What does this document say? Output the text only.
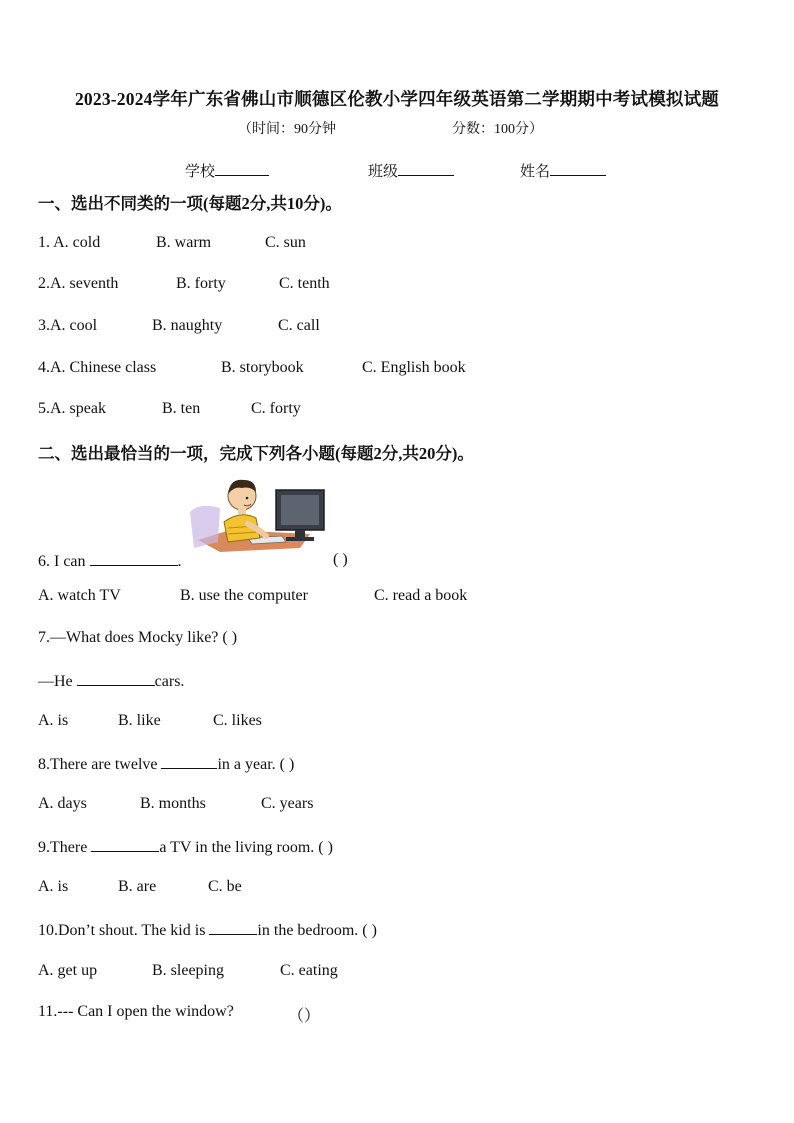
2023-2024学年广东省佛山市顺德区伦教小学四年级英语第二学期期中考试模拟试题
（时间：90分钟	分数：100分）
学校	班级	姓名
一、选出不同类的一项(每题2分,共10分)。
1. A. cold	B. warm	C. sun
2.A. seventh	B. forty	C. tenth
3.A. cool	B. naughty	C. call
4.A. Chinese class	B. storybook	C. English book
5.A. speak	B. ten	C. forty
二、选出最恰当的一项，完成下列各小题(每题2分,共20分)。
6. I can	.	( )
A. watch TV	B. use the computer	C. read a book
7.—What does Mocky like? ( )
—He	cars.
A. is	B. like	C. likes
8.There are twelve	in a year. ( )
A. days	B. months	C. years
9.There	a TV in the living room. ( )
A. is	B. are	C. be
10.Don’t shout. The kid is	in the bedroom. ( )
A. get up	B. sleeping	C. eating
11.--- Can I open the window?	（）
